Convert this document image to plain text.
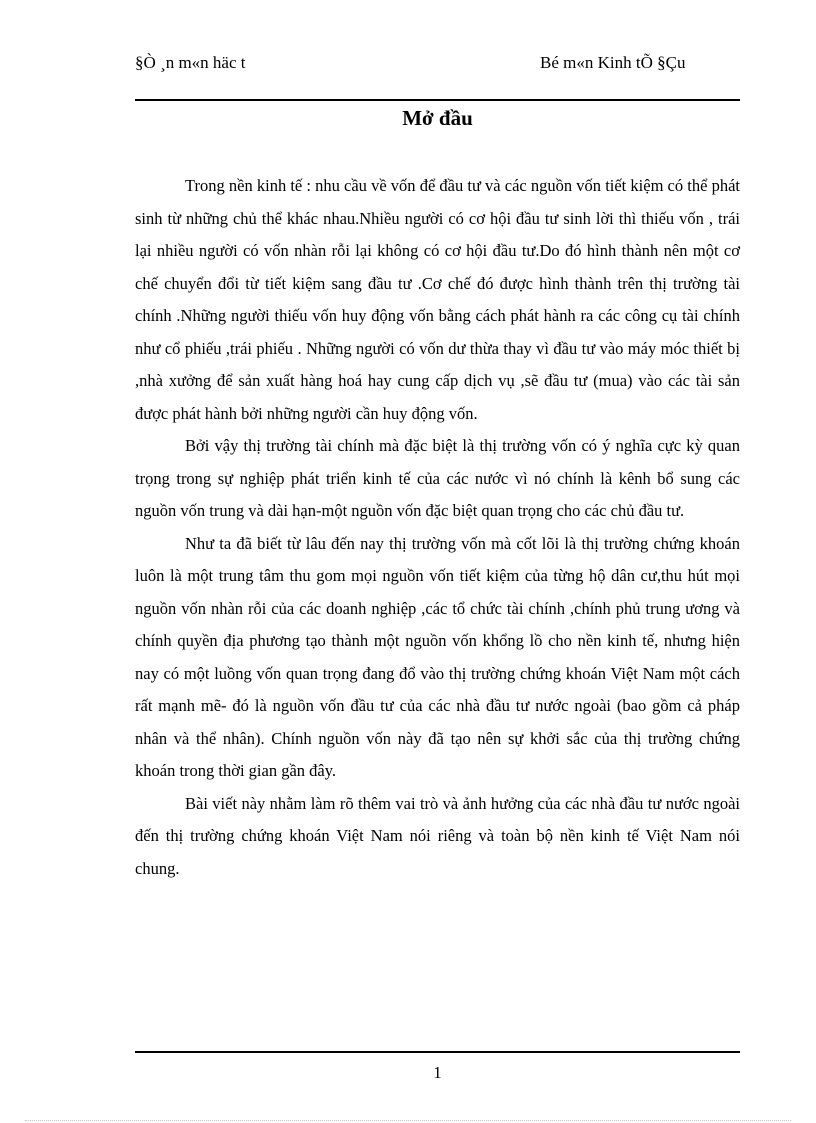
§Ò ¸n m«n häc t	Bé m«n Kinh tÕ §Çu
Mở đầu

Trong nền kinh tế : nhu cầu về vốn để đầu tư và các nguồn vốn tiết kiệm có thể phát sinh từ những chủ thể khác nhau.Nhiều người có cơ hội đầu tư sinh lời thì thiếu vốn , trái lại nhiều người có vốn nhàn rỗi lại không có cơ hội đầu tư.Do đó hình thành nên một cơ chế chuyển đổi từ tiết kiệm sang đầu tư .Cơ chế đó được hình thành trên thị trường tài chính .Những người thiếu vốn huy động vốn bằng cách phát hành ra các công cụ tài chính như cổ phiếu ,trái phiếu . Những người có vốn dư thừa thay vì đầu tư vào máy móc thiết bị ,nhà xưởng để sản xuất hàng hoá hay cung cấp dịch vụ ,sẽ đầu tư (mua) vào các tài sản được phát hành bởi những người cần huy động vốn.

Bởi vậy thị trường tài chính mà đặc biệt là thị trường vốn có ý nghĩa cực kỳ quan trọng trong sự nghiệp phát triển kinh tế của các nước vì nó chính là kênh bổ sung các nguồn vốn trung và dài hạn-một nguồn vốn đặc biệt quan trọng cho các chủ đầu tư.

Như ta đã biết từ lâu đến nay thị trường vốn mà cốt lõi là thị trường chứng khoán luôn là một trung tâm thu gom mọi nguồn vốn tiết kiệm của từng hộ dân cư,thu hút mọi nguồn vốn nhàn rỗi của các doanh nghiệp ,các tổ chức tài chính ,chính phủ trung ương và chính quyền địa phương tạo thành một nguồn vốn khổng lồ cho nền kinh tế, nhưng hiện nay có một luồng vốn quan trọng đang đổ vào thị trường chứng khoán Việt Nam một cách rất mạnh mẽ- đó là nguồn vốn đầu tư của các nhà đầu tư nước ngoài (bao gồm cả pháp nhân và thể nhân). Chính nguồn vốn này đã tạo nên sự khởi sắc của thị trường chứng khoán trong thời gian gần đây.

Bài viết này nhằm làm rõ thêm vai trò và ảnh hưởng của các nhà đầu tư nước ngoài đến thị trường chứng khoán Việt Nam nói riêng và toàn bộ nền kinh tế Việt Nam nói chung.

1
